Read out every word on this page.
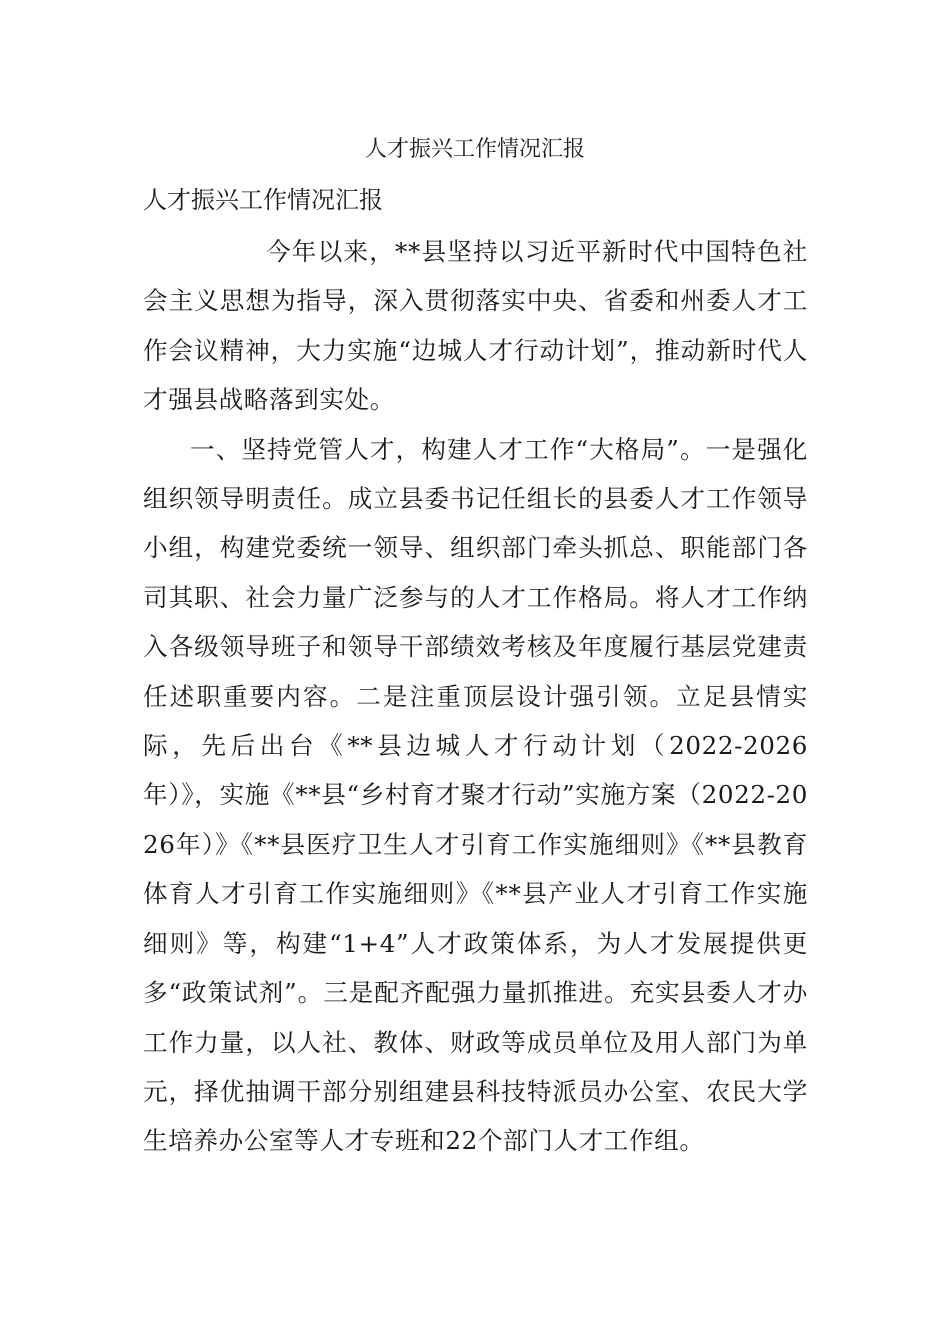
人才振兴工作情况汇报
人才振兴工作情况汇报

今年以来，**县坚持以习近平新时代中国特色社会主义思想为指导，深入贯彻落实中央、省委和州委人才工作会议精神，大力实施“边城人才行动计划”，推动新时代人才强县战略落到实处。

一、坚持党管人才，构建人才工作“大格局”。一是强化组织领导明责任。成立县委书记任组长的县委人才工作领导小组，构建党委统一领导、组织部门牵头抓总、职能部门各司其职、社会力量广泛参与的人才工作格局。将人才工作纳入各级领导班子和领导干部绩效考核及年度履行基层党建责任述职重要内容。二是注重顶层设计强引领。立足县情实际，先后出台《**县边城人才行动计划（2022-2026年）》，实施《**县“乡村育才聚才行动”实施方案（2022-2026年）》《**县医疗卫生人才引育工作实施细则》《**县教育体育人才引育工作实施细则》《**县产业人才引育工作实施细则》等，构建“1+4”人才政策体系，为人才发展提供更多“政策试剂”。三是配齐配强力量抓推进。充实县委人才办工作力量，以人社、教体、财政等成员单位及用人部门为单元，择优抽调干部分别组建县科技特派员办公室、农民大学生培养办公室等人才专班和22个部门人才工作组。
